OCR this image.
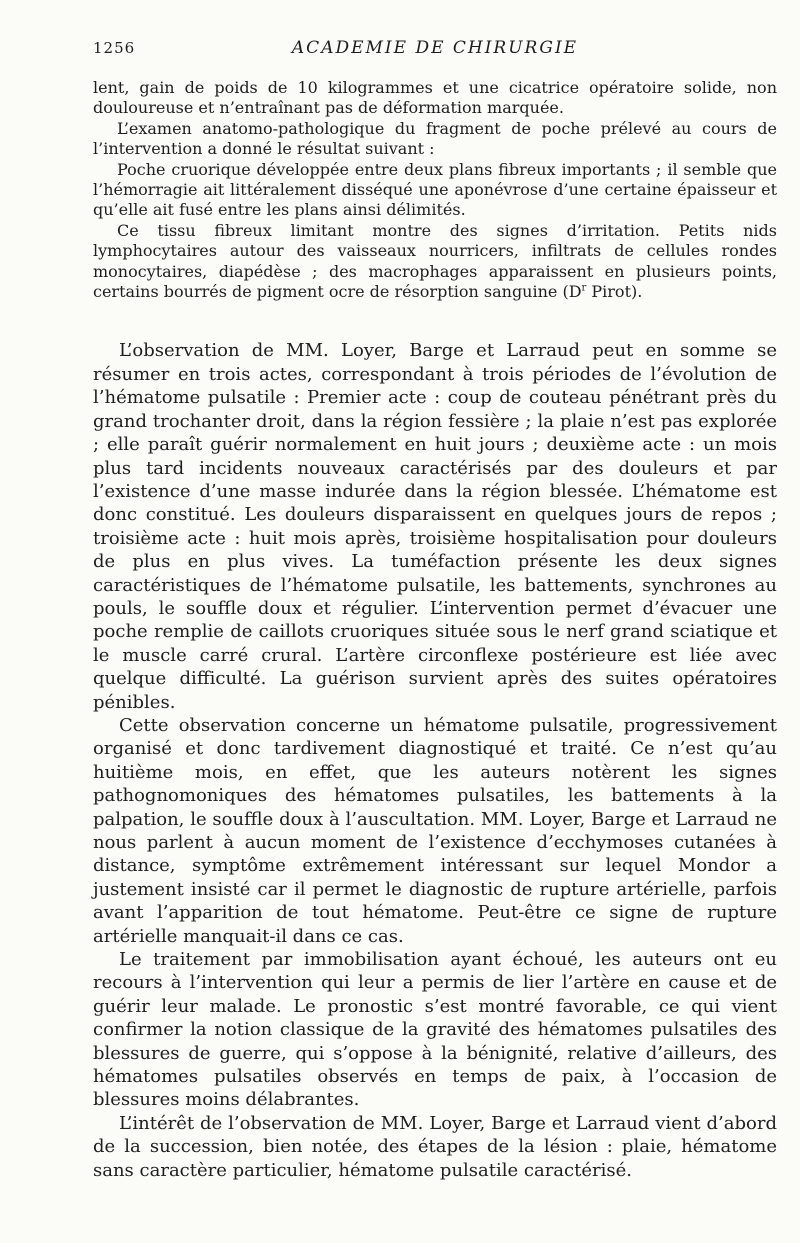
1256	ACADEMIE DE CHIRURGIE

lent, gain de poids de 10 kilogrammes et une cicatrice opératoire solide, non douloureuse et n’entraînant pas de déformation marquée.

L’examen anatomo-pathologique du fragment de poche prélevé au cours de l’intervention a donné le résultat suivant :

Poche cruorique développée entre deux plans fibreux importants ; il semble que l’hémorragie ait littéralement disséqué une aponévrose d’une certaine épaisseur et qu’elle ait fusé entre les plans ainsi délimités.

Ce tissu fibreux limitant montre des signes d’irritation. Petits nids lymphocytaires autour des vaisseaux nourricers, infiltrats de cellules rondes monocytaires, diapédèse ; des macrophages apparaissent en plusieurs points, certains bourrés de pigment ocre de résorption sanguine ($D^r$ Pirot).

L’observation de MM. Loyer, Barge et Larraud peut en somme se résumer en trois actes, correspondant à trois périodes de l’évolution de l’hématome pulsatile : Premier acte : coup de couteau pénétrant près du grand trochanter droit, dans la région fessière ; la plaie n’est pas explorée ; elle paraît guérir normalement en huit jours ; deuxième acte : un mois plus tard incidents nouveaux caractérisés par des douleurs et par l’existence d’une masse indurée dans la région blessée. L’hématome est donc constitué. Les douleurs disparaissent en quelques jours de repos ; troisième acte : huit mois après, troisième hospitalisation pour douleurs de plus en plus vives. La tuméfaction présente les deux signes caractéristiques de l’hématome pulsatile, les battements, synchrones au pouls, le souffle doux et régulier. L’intervention permet d’évacuer une poche remplie de caillots cruoriques située sous le nerf grand sciatique et le muscle carré crural. L’artère circonflexe postérieure est liée avec quelque difficulté. La guérison survient après des suites opératoires pénibles.

Cette observation concerne un hématome pulsatile, progressivement organisé et donc tardivement diagnostiqué et traité. Ce n’est qu’au huitième mois, en effet, que les auteurs notèrent les signes pathognomoniques des hématomes pulsatiles, les battements à la palpation, le souffle doux à l’auscultation. MM. Loyer, Barge et Larraud ne nous parlent à aucun moment de l’existence d’ecchymoses cutanées à distance, symptôme extrêmement intéressant sur lequel Mondor a justement insisté car il permet le diagnostic de rupture artérielle, parfois avant l’apparition de tout hématome. Peut-être ce signe de rupture artérielle manquait-il dans ce cas.

Le traitement par immobilisation ayant échoué, les auteurs ont eu recours à l’intervention qui leur a permis de lier l’artère en cause et de guérir leur malade. Le pronostic s’est montré favorable, ce qui vient confirmer la notion classique de la gravité des hématomes pulsatiles des blessures de guerre, qui s’oppose à la bénignité, relative d’ailleurs, des hématomes pulsatiles observés en temps de paix, à l’occasion de blessures moins délabrantes.

L’intérêt de l’observation de MM. Loyer, Barge et Larraud vient d’abord de la succession, bien notée, des étapes de la lésion : plaie, hématome sans caractère particulier, hématome pulsatile caractérisé.
